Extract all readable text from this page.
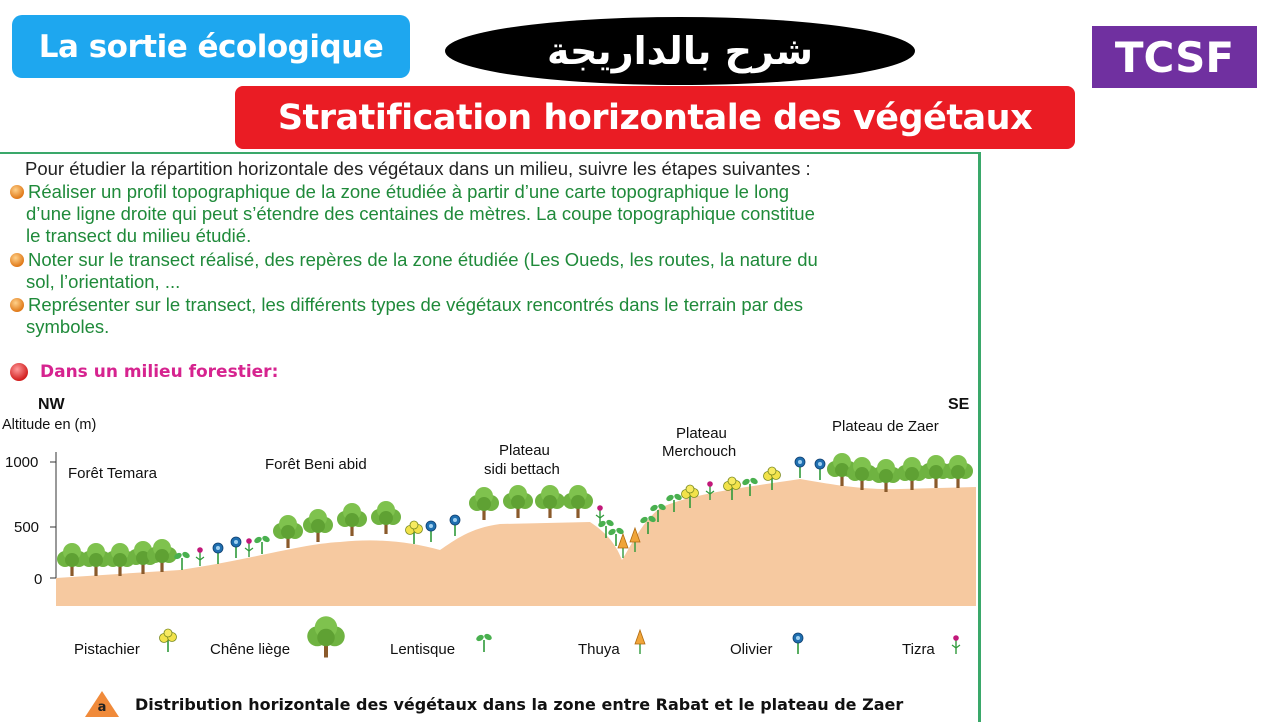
La sortie écologique	شرح بالداريجة	TCSF
Stratification horizontale des végétaux
Pour étudier la répartition horizontale des végétaux dans un milieu, suivre les étapes suivantes :
Réaliser un profil topographique de la zone étudiée à partir d’une carte topographique le long
d’une ligne droite qui peut s’étendre des centaines de mètres. La coupe topographique constitue
le transect du milieu étudié.
Noter sur le transect réalisé, des repères de la zone étudiée (Les Oueds, les routes, la nature du
sol, l’orientation, ...
Représenter sur le transect, les différents types de végétaux rencontrés dans le terrain par des
symboles.
Dans un milieu forestier:
NW	SE
Altitude en (m)
1000
500
0
Forêt Temara
Forêt Beni abid
Plateau
sidi bettach
Plateau
Merchouch
Plateau de Zaer
Pistachier	Chêne liège	Lentisque	Thuya	Olivier	Tizra
a Distribution horizontale des végétaux dans la zone entre Rabat et le plateau de Zaer
